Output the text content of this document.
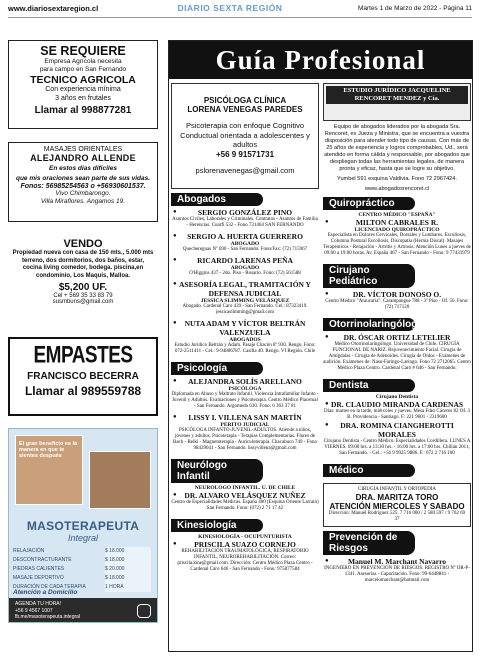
www.diariosextaregion.cl	DIARIO SEXTA REGIÓN	Martes 1 de Marzo de 2022 - Página 11
SE REQUIERE
Empresa Agrícola necesita
para campo en San Fernando
TECNICO AGRICOLA
Con experiencia mínima
3 años en frutales
Llamar al 998877281
MASAJES ORIENTALES
ALEJANDRO ALLENDE
En estos días difíciles
que mis oraciones sean parte de sus vidas.
Fonos: 56985254563 o +56930601537.
Vivo Chimbarongo.
Villa Miraflores. Angamos 19.
VENDO
Propiedad nueva con casa de 150 mts., 5.000 mts terreno, dos dormitorios, dos baños, estar, cocina living comedor, bodega. piscina,en condominio, Los Maquis, Malloa.
$5,200 UF.
Cel + 569 35 33 83 79
susmbuns@gmail.com
EMPASTES
FRANCISCO BECERRA
Llamar al 989559788
El gran beneficio es la manera en que te sientes después
MASOTERAPEUTA
Integral
RELAJACIÓN
DESCONTRACTURANTE
PIEDRAS CALIENTES
MASAJE DEPORTIVO
DURACIÓN DE CADA TERAPIA
$ 18.000
$ 18.000
$ 20.000
$ 18.000
1 HORA
Atención a Domicilio
AGENDA TU HORA!
+56 9 4567 1007
fb.me/masoterapeuta.integral
Guía Profesional
PSICÓLOGA CLÍNICA
LORENA VENEGAS PAREDES
Psicoterapia con enfoque Cognitivo Conductual orientada a adolescentes y adultos
+56 9 91571731
pslorenavenegas@gmail.com
Abogados
● SERGIO GONZÁLEZ PINO
Asuntos Civiles, Laborales y Criminales. Contratos - Asuntos de Familia - Herencias. Cuarfi 532 - Fono 731464 SAN FERNANDO
● SERGIO A. HUERTA GUERRERO
ABOGADO
Quechereguas Nº 690 - San Fernando. Fono/Fax: (72) 715967
● RICARDO LARENAS PEÑA
ABOGADO
O'Higgins 437 - 2do. Piso - Rosario. Fono: (72) 561588
● ASESORÍA LEGAL, TRAMITACIÓN Y DEFENSA JUDICIAL
JESSICA SLIMMING VELÁSQUEZ
Abogado. Cardenal Caro 439 - San Fernando. Cel.: 87323419. jessicaslimming@gmail.com
● NUTA ADAM Y VÍCTOR BELTRÁN VALENZUELA
ABOGADOS
Estudio Jurídico Beltrán y Adam. Pasaje Chacón 8º 930. Rengo. Fono: 072-2511411 - Cel.: 9-94806787. Casilla 40. Rengo. VI Región. Chile
Psicología
● ALEJANDRA SOLÍS ARELLANO
PSICÓLOGA
Diplomada en Abuso y Maltrato Infantil. Violencia Intrafamiliar Infanto - Juvenil y Adultos. Evaluaciones y Psicoterapia. Centro Médico Placetual - San Fernando. Argomedo 630. Fono: 6 363 37 81
● LISSY I. VILLENA SAN MARTÍN
PERITO JUDICIAL
PSICÓLOGA INFANTO-JUVENIL-ADULTOS. Atiende a niños, jóvenes y adultos. Psicoterapia - Terapias Complementarias. Flores de Bach - Reiki - Magnetoterapia - Auriculoterapia. Chacabuco 749 - Fono 98439041 - San Fernando. lissyvillena@gmail.com
Neurólogo Infantil
NEUROLOGO INFANTIL. U. DE CHILE
● DR. ALVARO VELÁSQUEZ NUÑEZ
Centro de Especialidades Médicas. Espaňa 400 (Esquina Oriente Larrain) San Fernando. Fono: (072) 2 71 17 42
Kinesiología
KINESIOLOGÍA - OCUPUNTURISTA
● PRISCILA SUAZO CORNEJO
REHABILITACIÓN TRAUMATOLÓGICA, RESPIRATORIO INFANTIL, NEUROREHABILITACIÓN. Correo: priscila.kine@gmail.com. Dirección: Centro Médico Plaza Centro - Cardenal Caro 646 - San Fernando - Fono: 975877584
ESTUDIO JURÍDICO JACQUELINE RENCORET MENDEZ y Cía.
Equipo de abogados liderados por la abogada Sra. Rencoret, ex Jueza y Ministra, que se encuentra a vuestra disposición para atender todo tipo de causas. Con más de 25 años de experiencia y logros comprobables, Ud., será atendido en forma cálida y responsable, por abogados que despliegan todas las herramientas legales, de manera pronta y eficaz, hasta que se logre su objetivo.
Yumbel 591 esquina Valdivia. Fono 72 2967424.
www.abogadosrencoret.cl
Quiropráctico
CENTRO MÉDICO "ESPAÑA"
● MILTON CABRALES R.
LICENCIADO QUIROPRÁCTICO
Especialista en Dolores Cervicales, Dorsales y Lumbares. Escoliosis, Columna Postural Escoliosis, Discopatia (Hernia Discal). Masajes Terapéuticos - Relajación - Artritis y Artrosis. Atención Lunes a jueves de 09:00 a 19:00 horas. Av. España 467 - San Fernando - Fono: 9 77433979
Cirujano Pediátrico
● DR. VÍCTOR DONOSO O.
Centro Médico "Araucaria". Carampangue 788 - 3º Piso - Of. 56. Fono: (72) 717120
Otorrinolaringólogo
● DR. ÓSCAR ORTIZ LETELIER
Médico Otorrinolaringólogo. Universidad de Chile. CIRUGÍA FUNCIONAL DE NARIZ. Rejuvenecimiento Facial. Cirugía de Amígdalas - Cirugía de Adenoides. Cirugía de Oídos - Exámenes de audición. Exámenes de: Naso-Faringo-Laringo. Fono 72 2712065. Centro Médico Plaza Centro. Cardenal Caro # 646 - San Fernando.
Dentista
Cirujano Dentista
● DR. CLAUDIO MIRANDA CARDENAS
Días: martes en la tarde, miércoles y jueves. Mesa Fdez Cáceres 82 Of. 3 B. Providencia - Santiago. F: 221 9601 - 2319600
● DRA. ROMINA CIANGHEROTTI MORALES
Cirujano Dentista - Centro Médico. Especialidades Cordillera. LUNES A VIERNES. 09:00 hrs. a 13:30 hrs. - 16:00 hrs. a 17:00 hrs. Chillán 2011, San Fernando. - Cel.: +56 9 9925 9886. F.: 072 2 716 100
Médico
CIRUGÍA INFANTIL Y ORTOPEDIA
DRA. MARITZA TORO
ATENCIÓN MIERCOLES Y SABADO
Dirección: Manuel Rodriguez 525. 7 716 000 / 2 580 597 / 9 762 69 37
Prevención de Riesgos
● Manuel M. Marchant Navarro
INGENIERO EN PREVENCIÓN DE RIESGOS. REGISTRO Nº OR-P-1341. Asesorías - Capacitación. Fono: 99-6448841 - marcelomarchant@hotmail.com
